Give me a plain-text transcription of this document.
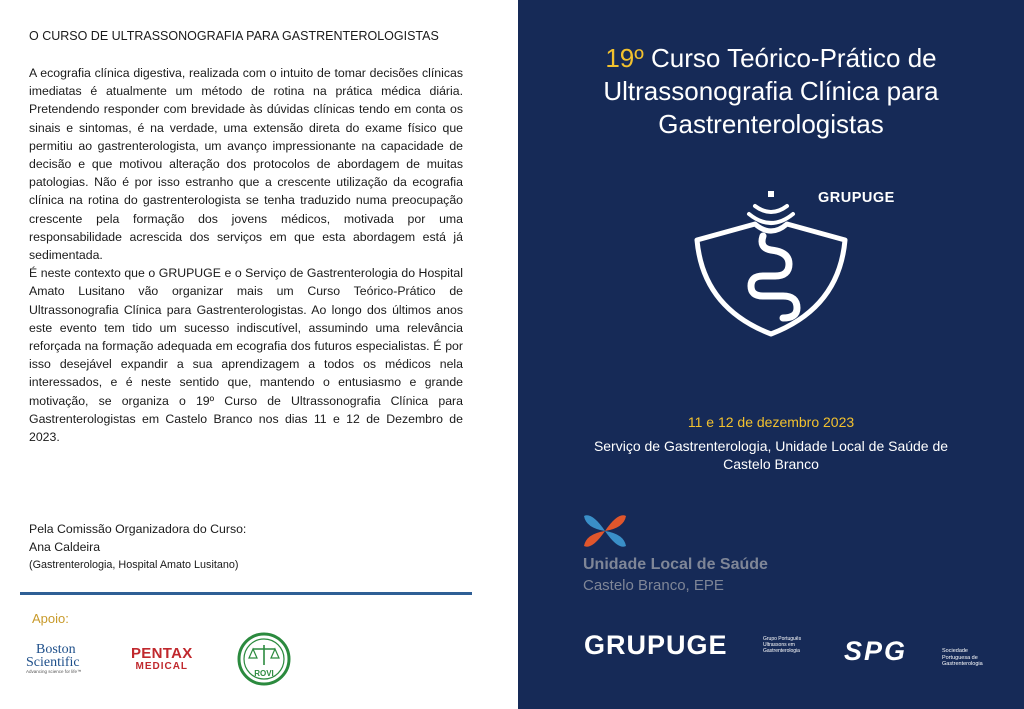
O CURSO DE ULTRASSONOGRAFIA PARA GASTRENTEROLOGISTAS

A ecografia clínica digestiva, realizada com o intuito de tomar decisões clínicas imediatas é atualmente um método de rotina na prática médica diária. Pretendendo responder com brevidade às dúvidas clínicas tendo em conta os sinais e sintomas, é na verdade, uma extensão direta do exame físico que permitiu ao gastrenterologista, um avanço impressionante na capacidade de decisão e que motivou alteração dos protocolos de abordagem de muitas patologias. Não é por isso estranho que a crescente utilização da ecografia clínica na rotina do gastrenterologista se tenha traduzido numa preocupação crescente pela formação dos jovens médicos, motivada por uma responsabilidade acrescida dos serviços em que esta abordagem está já sedimentada.

É neste contexto que o GRUPUGE e o Serviço de Gastrenterologia do Hospital Amato Lusitano vão organizar mais um Curso Teórico-Prático de Ultrassonografia Clínica para Gastrenterologistas. Ao longo dos últimos anos este evento tem tido um sucesso indiscutível, assumindo uma relevância reforçada na formação adequada em ecografia dos futuros especialistas. É por isso desejável expandir a sua aprendizagem a todos os médicos nela interessados, e é neste sentido que, mantendo o entusiasmo e grande motivação, se organiza o 19º Curso de Ultrassonografia Clínica para Gastrenterologistas em Castelo Branco nos dias 11 e 12 de Dezembro de 2023.

Pela Comissão Organizadora do Curso:
Ana Caldeira
(Gastrenterologia, Hospital Amato Lusitano)
Apoio:
Boston
Scientific
Advancing science for life™
PENTAX
MEDICAL
ROVI
19º Curso Teórico-Prático de
Ultrassonografia Clínica para
Gastrenterologistas
GRUPUGE
11 e 12 de dezembro 2023
Serviço de Gastrenterologia, Unidade Local de Saúde de
Castelo Branco
Unidade Local de Saúde
Castelo Branco, EPE
GRUPUGE	Grupo Português
Ultrassons em
Gastrenterologia SPG	Sociedade
Portuguesa de
Gastrenterologia
